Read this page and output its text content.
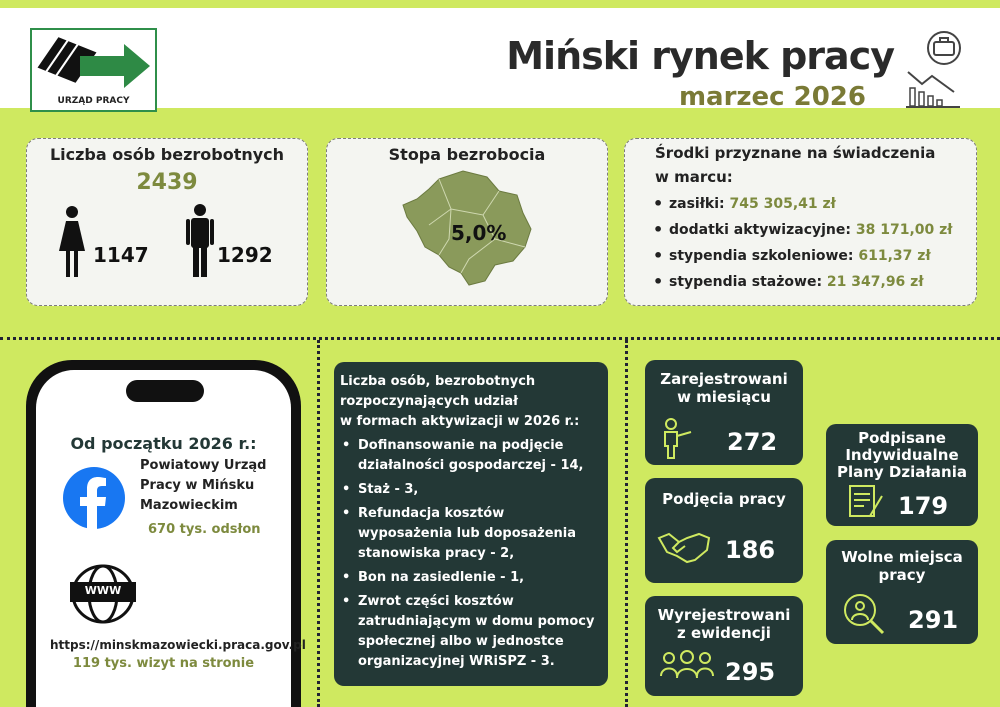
URZĄD PRACY
Miński rynek pracy
marzec 2026
Liczba osób bezrobotnych
2439
1147	1292
Stopa bezrobocia
5,0%
Środki przyznane na świadczenia
w marcu:
• zasiłki: 745 305,41 zł
• dodatki aktywizacyjne: 38 171,00 zł
• stypendia szkoleniowe: 611,37 zł
• stypendia stażowe: 21 347,96 zł
Od początku 2026 r.:
Powiatowy Urząd
Pracy w Mińsku
Mazowieckim
670 tys. odsłon
WWW
https://minskmazowiecki.praca.gov.pl
119 tys. wizyt na stronie
Liczba osób, bezrobotnych
rozpoczynających udział
w formach aktywizacji w 2026 r.:
• Dofinansowanie na podjęcie
działalności gospodarczej - 14,
• Staż - 3,
• Refundacja kosztów
wyposażenia lub doposażenia
stanowiska pracy - 2,
• Bon na zasiedlenie - 1,
• Zwrot części kosztów
zatrudniającym w domu pomocy
społecznej albo w jednostce
organizacyjnej WRiSPZ - 3.
Zarejestrowani
w miesiącu
272
Podjęcia pracy
186
Wyrejestrowani
z ewidencji
295
Podpisane
Indywidualne
Plany Działania
179
Wolne miejsca
pracy
291
